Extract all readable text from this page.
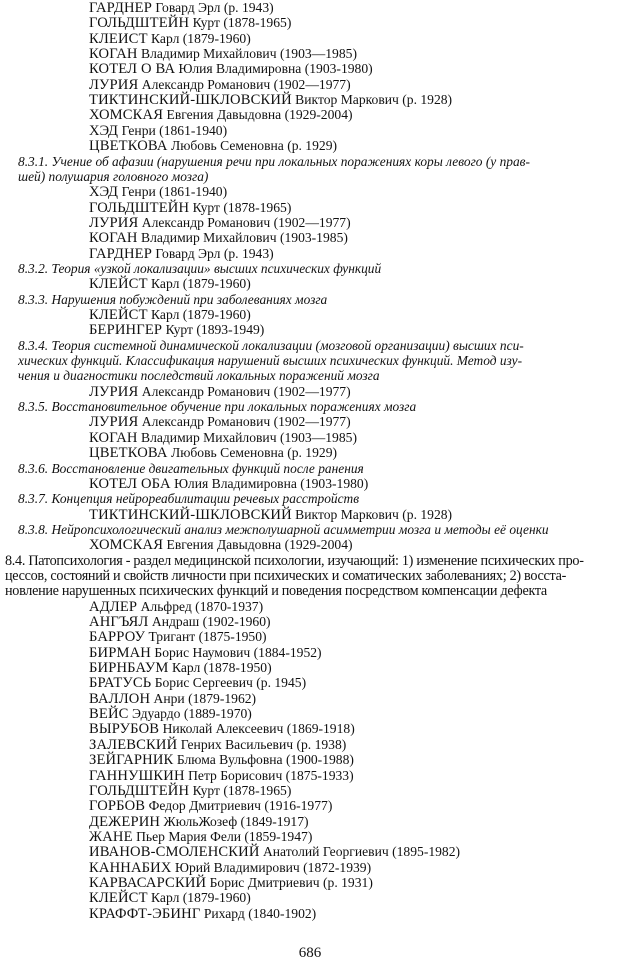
ГАРДНЕР Говард Эрл (р. 1943)
ГОЛЬДШТЕЙН Курт (1878-1965)
КЛЕИСТ Карл (1879-1960)
КОГАН Владимир Михайлович (1903—1985)
КОТЕЛ О ВА Юлия Владимировна (1903-1980)
ЛУРИЯ Александр Романович (1902—1977)
ТИКТИНСКИЙ-ШКЛОВСКИЙ Виктор Маркович (р. 1928)
ХОМСКАЯ Евгения Давыдовна (1929-2004)
ХЭД Генри (1861-1940)
ЦВЕТКОВА Любовь Семеновна (р. 1929)
8.3.1. Учение об афазии (нарушения речи при локальных поражениях коры левого (у прав-
шей) полушария головного мозга)
ХЭД Генри (1861-1940)
ГОЛЬДШТЕЙН Курт (1878-1965)
ЛУРИЯ Александр Романович (1902—1977)
КОГАН Владимир Михайлович (1903-1985)
ГАРДНЕР Говард Эрл (р. 1943)
8.3.2. Теория «узкой локализации» высших психических функций
КЛЕЙСТ Карл (1879-1960)
8.3.3. Нарушения побуждений при заболеваниях мозга
КЛЕЙСТ Карл (1879-1960)
БЕРИНГЕР Курт (1893-1949)
8.3.4. Теория системной динамической локализации (мозговой организации) высших пси-
хических функций. Классификация нарушений высших психических функций. Метод изу-
чения и диагностики последствий локальных поражений мозга
ЛУРИЯ Александр Романович (1902—1977)
8.3.5. Восстановительное обучение при локальных поражениях мозга
ЛУРИЯ Александр Романович (1902—1977)
КОГАН Владимир Михайлович (1903—1985)
ЦВЕТКОВА Любовь Семеновна (р. 1929)
8.3.6. Восстановление двигательных функций после ранения
КОТЕЛ ОБА Юлия Владимировна (1903-1980)
8.3.7. Концепция нейрореабилитации речевых расстройств
ТИКТИНСКИЙ-ШКЛОВСКИЙ Виктор Маркович (р. 1928)
8.3.8. Нейропсихологический анализ межполушарной асимметрии мозга и методы её оценки
ХОМСКАЯ Евгения Давыдовна (1929-2004)
8.4. Патопсихология - раздел медицинской психологии, изучающий: 1) изменение психических про-
цессов, состояний и свойств личности при психических и соматических заболеваниях; 2) восста-
новление нарушенных психических функций и поведения посредством компенсации дефекта
АДЛЕР Альфред (1870-1937)
АНГЪЯЛ Андраш (1902-1960)
БАРРОУ Тригант (1875-1950)
БИРМАН Борис Наумович (1884-1952)
БИРНБАУМ Карл (1878-1950)
БРАТУСЬ Борис Сергеевич (р. 1945)
ВАЛЛОН Анри (1879-1962)
ВЕЙС Эдуардо (1889-1970)
ВЫРУБОВ Николай Алексеевич (1869-1918)
ЗАЛЕВСКИЙ Генрих Васильевич (р. 1938)
ЗЕЙГАРНИК Блюма Вульфовна (1900-1988)
ГАННУШКИН Петр Борисович (1875-1933)
ГОЛЬДШТЕЙН Курт (1878-1965)
ГОРБОВ Федор Дмитриевич (1916-1977)
ДЕЖЕРИН ЖюльЖозеф (1849-1917)
ЖАНЕ Пьер Мария Фели (1859-1947)
ИВАНОВ-СМОЛЕНСКИЙ Анатолий Георгиевич (1895-1982)
КАННАБИХ Юрий Владимирович (1872-1939)
КАРВАСАРСКИЙ Борис Дмитриевич (р. 1931)
КЛЕЙСТ Карл (1879-1960)
КРАФФТ-ЭБИНГ Рихард (1840-1902)
686
